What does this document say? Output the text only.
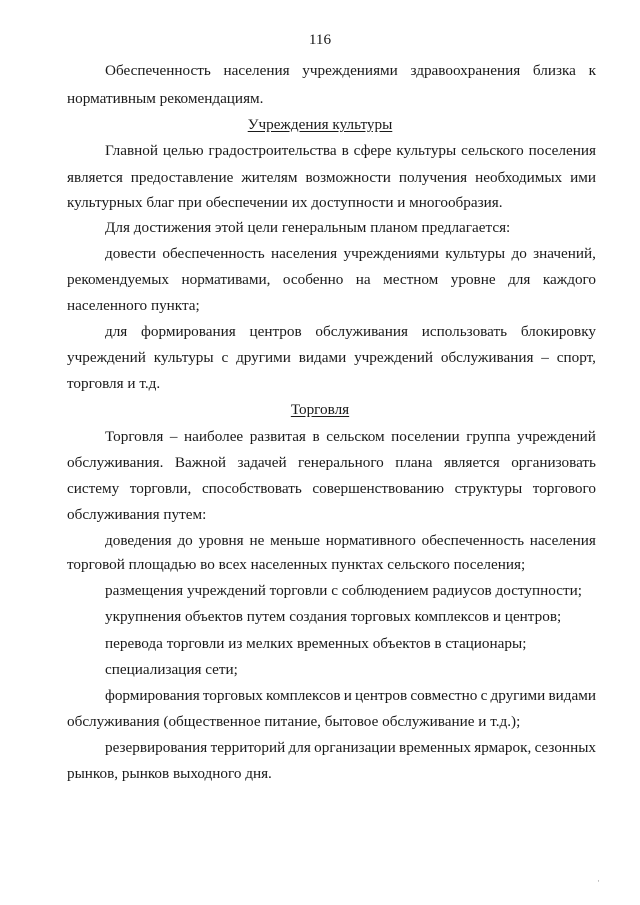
116
Обеспеченность населения учреждениями здравоохранения близка к
нормативным рекомендациям.
Учреждения культуры
Главной целью градостроительства в сфере культуры сельского поселения
является предоставление жителям возможности получения необходимых ими
культурных благ при обеспечении их доступности и многообразия.
Для достижения этой цели генеральным планом предлагается:
довести обеспеченность населения учреждениями культуры до значений,
рекомендуемых нормативами, особенно на местном уровне для каждого
населенного пункта;
для формирования центров обслуживания использовать блокировку
учреждений культуры с другими видами учреждений обслуживания – спорт,
торговля и т.д.
Торговля
Торговля – наиболее развитая в сельском поселении группа учреждений
обслуживания. Важной задачей генерального плана является организовать
систему торговли, способствовать совершенствованию структуры торгового
обслуживания путем:
доведения до уровня не меньше нормативного обеспеченность населения
торговой площадью во всех населенных пунктах сельского поселения;
размещения учреждений торговли с соблюдением радиусов доступности;
укрупнения объектов путем создания торговых комплексов и центров;
перевода торговли из мелких временных объектов в стационары;
специализация сети;
формирования торговых комплексов и центров совместно с другими видами
обслуживания (общественное питание, бытовое обслуживание и т.д.);
резервирования территорий для организации временных ярмарок, сезонных
рынков, рынков выходного дня.
·
